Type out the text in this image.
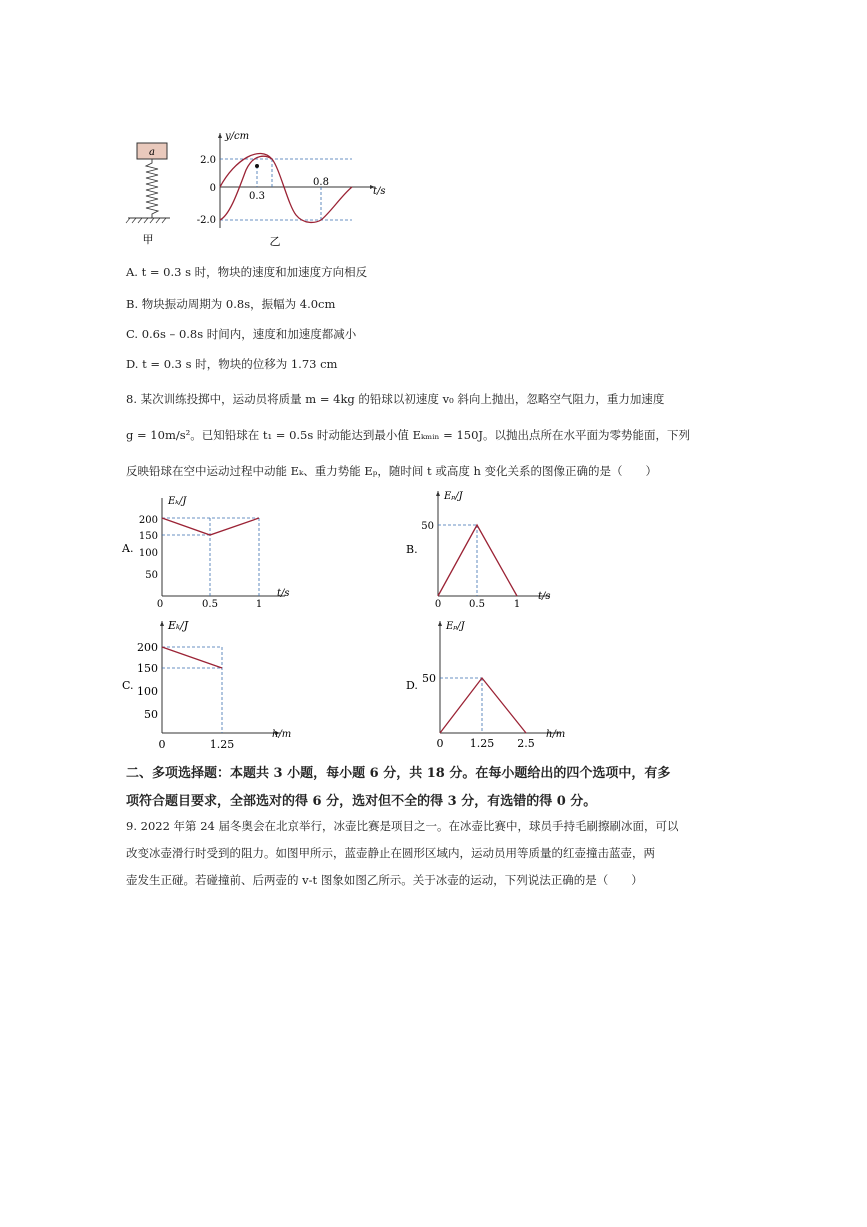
a
甲
y/cm
t/s
2.0
0
-2.0
0.3
0.8
乙
A. t = 0.3 s 时，物块的速度和加速度方向相反
B. 物块振动周期为 0.8s，振幅为 4.0cm
C. 0.6s – 0.8s 时间内，速度和加速度都减小
D. t = 0.3 s 时，物块的位移为 1.73 cm
8. 某次训练投掷中，运动员将质量 m = 4kg 的铅球以初速度 v₀ 斜向上抛出，忽略空气阻力，重力加速度
g = 10m/s²。已知铅球在 t₁ = 0.5s 时动能达到最小值 Eₖₘᵢₙ = 150J。以抛出点所在水平面为零势能面，下列
反映铅球在空中运动过程中动能 Eₖ、重力势能 Eₚ，随时间 t 或高度 h 变化关系的图像正确的是（　　）
A.
Eₖ/J
t/s
200
150
100
50
0	0.5	1
B.
Eₚ/J
t/s
50
0	0.5	1
C.
Eₖ/J
h/m
200
150
100
50
0	1.25
D.
Eₚ/J
h/m
50
0 1.25 2.5
二、多项选择题：本题共 3 小题，每小题 6 分，共 18 分。在每小题给出的四个选项中，有多
项符合题目要求，全部选对的得 6 分，选对但不全的得 3 分，有选错的得 0 分。
9. 2022 年第 24 届冬奥会在北京举行，冰壶比赛是项目之一。在冰壶比赛中，球员手持毛刷擦刷冰面，可以
改变冰壶滑行时受到的阻力。如图甲所示，蓝壶静止在圆形区域内，运动员用等质量的红壶撞击蓝壶，两
壶发生正碰。若碰撞前、后两壶的 v-t 图象如图乙所示。关于冰壶的运动，下列说法正确的是（　　）
